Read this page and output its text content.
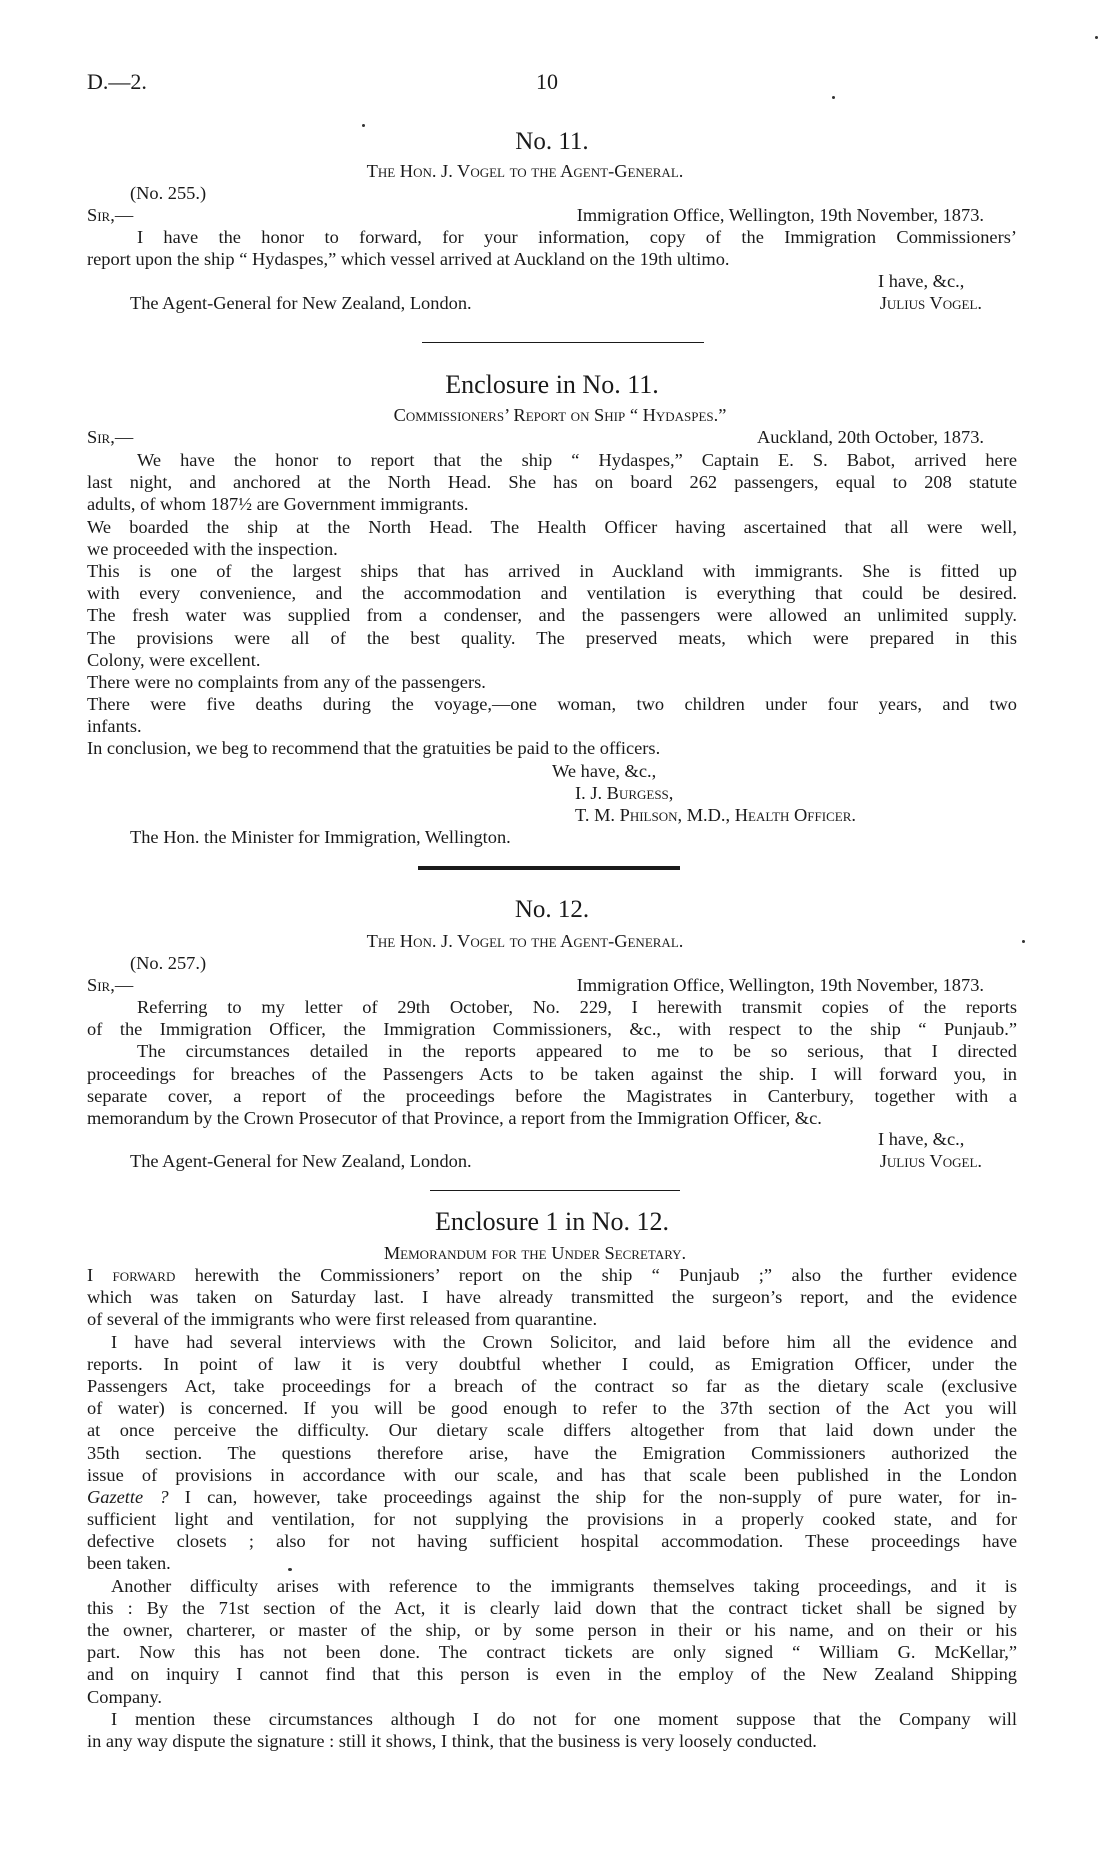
D.—2.	10
No. 11.
The Hon. J. Vogel to the Agent-General.
(No. 255.)
Sir,—	Immigration Office, Wellington, 19th November, 1873.
I have the honor to forward, for your information, copy of the Immigration Commissioners’
report upon the ship “ Hydaspes,” which vessel arrived at Auckland on the 19th ultimo.
I have, &c.,
The Agent-General for New Zealand, London.	Julius Vogel.
Enclosure in No. 11.
Commissioners’ Report on Ship “ Hydaspes.”
Sir,—	Auckland, 20th October, 1873.
We have the honor to report that the ship “ Hydaspes,” Captain E. S. Babot, arrived here
last night, and anchored at the North Head. She has on board 262 passengers, equal to 208 statute
adults, of whom 187½ are Government immigrants.
We boarded the ship at the North Head. The Health Officer having ascertained that all were well,
we proceeded with the inspection.
This is one of the largest ships that has arrived in Auckland with immigrants. She is fitted up
with every convenience, and the accommodation and ventilation is everything that could be desired.
The fresh water was supplied from a condenser, and the passengers were allowed an unlimited supply.
The provisions were all of the best quality. The preserved meats, which were prepared in this
Colony, were excellent.
There were no complaints from any of the passengers.
There were five deaths during the voyage,—one woman, two children under four years, and two
infants.
In conclusion, we beg to recommend that the gratuities be paid to the officers.
We have, &c.,
I. J. Burgess,
T. M. Philson, M.D., Health Officer.
The Hon. the Minister for Immigration, Wellington.
No. 12.
The Hon. J. Vogel to the Agent-General.
(No. 257.)
Sir,—	Immigration Office, Wellington, 19th November, 1873.
Referring to my letter of 29th October, No. 229, I herewith transmit copies of the reports
of the Immigration Officer, the Immigration Commissioners, &c., with respect to the ship “ Punjaub.”
The circumstances detailed in the reports appeared to me to be so serious, that I directed
proceedings for breaches of the Passengers Acts to be taken against the ship. I will forward you, in
separate cover, a report of the proceedings before the Magistrates in Canterbury, together with a
memorandum by the Crown Prosecutor of that Province, a report from the Immigration Officer, &c.
I have, &c.,
The Agent-General for New Zealand, London.	Julius Vogel.
Enclosure 1 in No. 12.
Memorandum for the Under Secretary.
I forward herewith the Commissioners’ report on the ship “ Punjaub ;” also the further evidence
which was taken on Saturday last. I have already transmitted the surgeon’s report, and the evidence
of several of the immigrants who were first released from quarantine.
I have had several interviews with the Crown Solicitor, and laid before him all the evidence and
reports. In point of law it is very doubtful whether I could, as Emigration Officer, under the
Passengers Act, take proceedings for a breach of the contract so far as the dietary scale (exclusive
of water) is concerned. If you will be good enough to refer to the 37th section of the Act you will
at once perceive the difficulty. Our dietary scale differs altogether from that laid down under the
35th section. The questions therefore arise, have the Emigration Commissioners authorized the
issue of provisions in accordance with our scale, and has that scale been published in the London
Gazette ? I can, however, take proceedings against the ship for the non-supply of pure water, for in-
sufficient light and ventilation, for not supplying the provisions in a properly cooked state, and for
defective closets ; also for not having sufficient hospital accommodation. These proceedings have
been taken.
Another difficulty arises with reference to the immigrants themselves taking proceedings, and it is
this : By the 71st section of the Act, it is clearly laid down that the contract ticket shall be signed by
the owner, charterer, or master of the ship, or by some person in their or his name, and on their or his
part. Now this has not been done. The contract tickets are only signed “ William G. McKellar,”
and on inquiry I cannot find that this person is even in the employ of the New Zealand Shipping
Company.
I mention these circumstances although I do not for one moment suppose that the Company will
in any way dispute the signature : still it shows, I think, that the business is very loosely conducted.
